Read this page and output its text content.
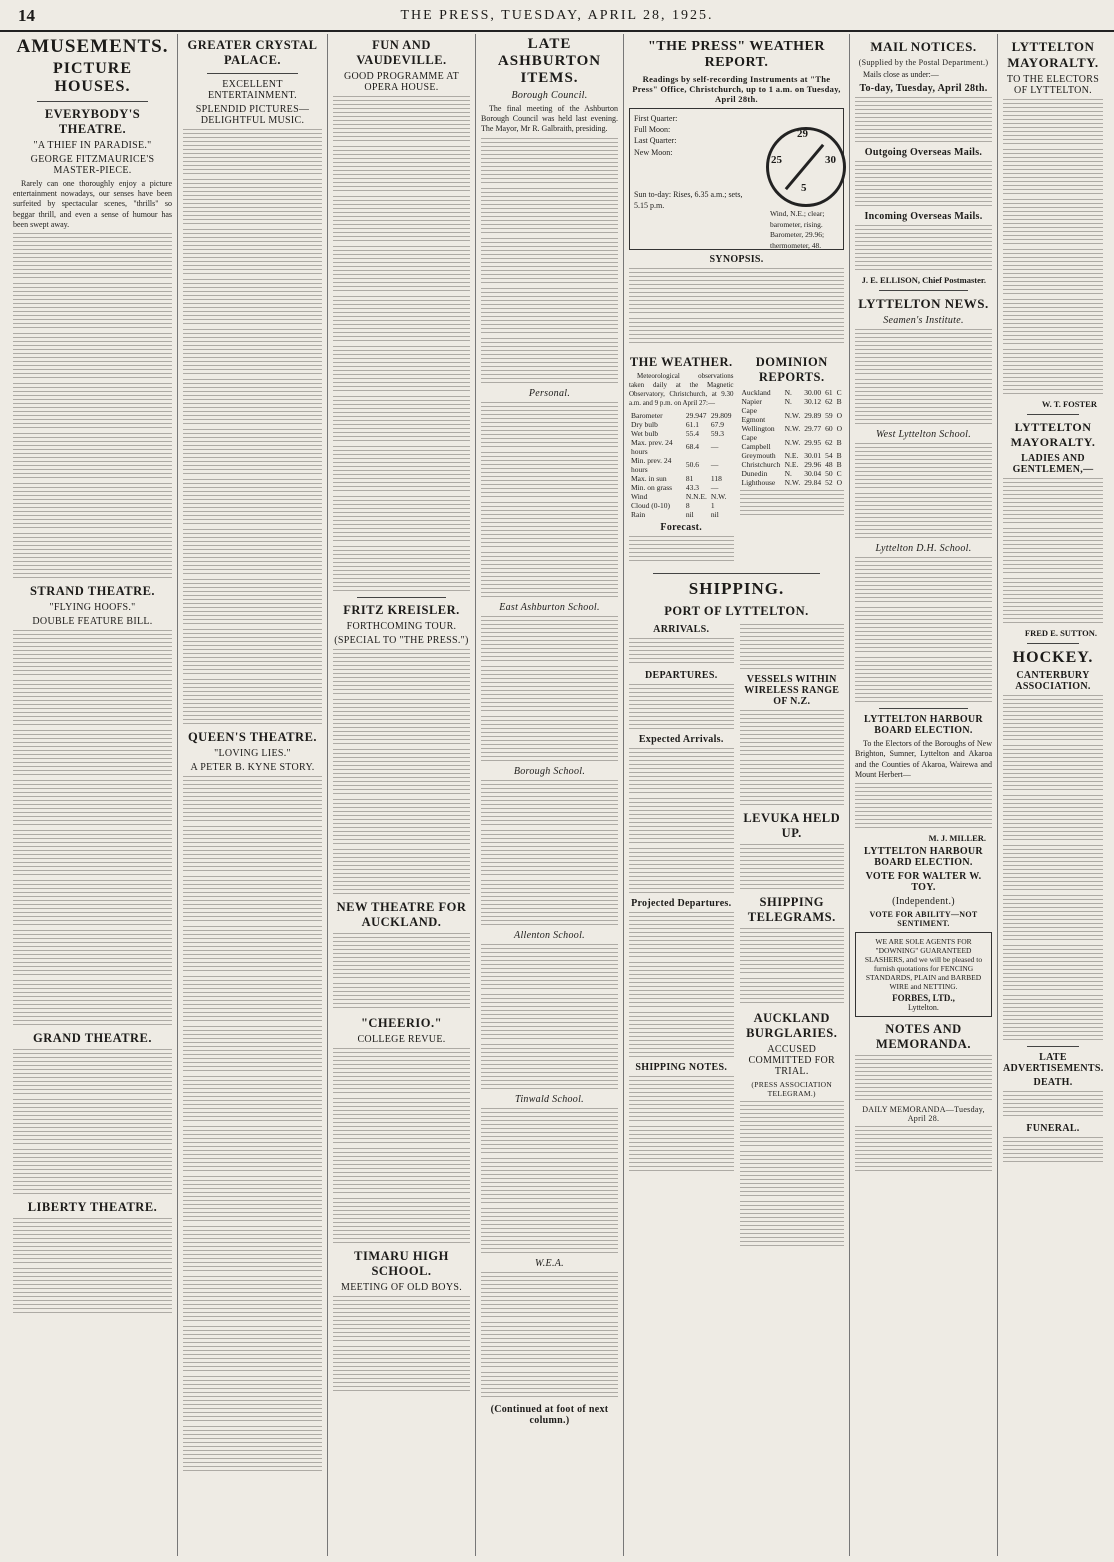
14	THE PRESS, TUESDAY, APRIL 28, 1925.
AMUSEMENTS.
PICTURE HOUSES.
EVERYBODY'S THEATRE.
"A THIEF IN PARADISE."
GEORGE FITZMAURICE'S MASTER-PIECE.

Rarely can one thoroughly enjoy a picture entertainment nowadays, our senses have been surfeited by spectacular scenes, "thrills" so beggar thrill, and even a sense of humour has been swept away.

STRAND THEATRE.
"FLYING HOOFS."
DOUBLE FEATURE BILL.
GRAND THEATRE.
LIBERTY THEATRE.
GREATER CRYSTAL PALACE.
EXCELLENT ENTERTAINMENT.
SPLENDID PICTURES—DELIGHTFUL MUSIC.
QUEEN'S THEATRE.
"LOVING LIES."
A PETER B. KYNE STORY.
FUN AND VAUDEVILLE.
GOOD PROGRAMME AT OPERA HOUSE.
FRITZ KREISLER.
FORTHCOMING TOUR.
(SPECIAL TO "THE PRESS.")
NEW THEATRE FOR AUCKLAND.
"CHEERIO."
COLLEGE REVUE.
TIMARU HIGH SCHOOL.
MEETING OF OLD BOYS.
LATE ASHBURTON ITEMS.
Borough Council.

The final meeting of the Ashburton Borough Council was held last evening. The Mayor, Mr R. Galbraith, presiding.

Personal.
East Ashburton School.
Borough School.
Allenton School.
Tinwald School.
W.E.A.
(Continued at foot of next column.)
"THE PRESS" WEATHER REPORT.
Readings by self-recording Instruments at "The Press" Office, Christchurch, up to 1 a.m. on Tuesday, April 28th.
First Quarter:
Full Moon:
Last Quarter:
New Moon:
29
30
5
25
Wind, N.E.; clear; barometer, rising. Barometer, 29.96; thermometer, 48.
Sun to-day: Rises, 6.35 a.m.; sets, 5.15 p.m.
SYNOPSIS.
THE WEATHER.

Meteorological observations taken daily at the Magnetic Observatory, Christchurch, at 9.30 a.m. and 9 p.m. on April 27:—

Barometer	29.947	29.809
Dry bulb	61.1	67.9
Wet bulb	55.4	59.3
Max. prev. 24 hours	68.4	—
Min. prev. 24 hours	50.6	—
Max. in sun	81	118
Min. on grass	43.3	—
Wind	N.N.E.	N.W.
Cloud (0-10)	8	1
Rain	nil	nil
Forecast.
DOMINION REPORTS.
Auckland	N.	30.00	61	C
Napier	N.	30.12	62	B
Cape Egmont	N.W.	29.89	59	O
Wellington	N.W.	29.77	60	O
Cape Campbell	N.W.	29.95	62	B
Greymouth	N.E.	30.01	54	B
Christchurch	N.E.	29.96	48	B
Dunedin	N.	30.04	50	C
Lighthouse	N.W.	29.84	52	O
SHIPPING.
PORT OF LYTTELTON.
ARRIVALS.
DEPARTURES.
Expected Arrivals.
Projected Departures.
SHIPPING NOTES.
VESSELS WITHIN WIRELESS RANGE OF N.Z.
LEVUKA HELD UP.
SHIPPING TELEGRAMS.
AUCKLAND BURGLARIES.
ACCUSED COMMITTED FOR TRIAL.
(PRESS ASSOCIATION TELEGRAM.)
MAIL NOTICES.
(Supplied by the Postal Department.)

Mails close as under:—

To-day, Tuesday, April 28th.
Outgoing Overseas Mails.
Incoming Overseas Mails.
J. E. ELLISON, Chief Postmaster.
LYTTELTON NEWS.
Seamen's Institute.
West Lyttelton School.
Lyttelton D.H. School.
LYTTELTON HARBOUR BOARD ELECTION.

To the Electors of the Boroughs of New Brighton, Sumner, Lyttelton and Akaroa and the Counties of Akaroa, Wairewa and Mount Herbert—

M. J. MILLER.
LYTTELTON HARBOUR BOARD ELECTION.
VOTE FOR WALTER W. TOY.
(Independent.)
VOTE FOR ABILITY—NOT SENTIMENT.
WE ARE SOLE AGENTS FOR "DOWNING" GUARANTEED SLASHERS, and we will be pleased to furnish quotations for FENCING STANDARDS, PLAIN and BARBED WIRE and NETTING.
FORBES, LTD.,
Lyttelton.
NOTES AND MEMORANDA.
DAILY MEMORANDA—Tuesday, April 28.
LYTTELTON MAYORALTY.
TO THE ELECTORS OF LYTTELTON.
W. T. FOSTER
LYTTELTON MAYORALTY.
LADIES AND GENTLEMEN,—
FRED E. SUTTON.
HOCKEY.
CANTERBURY ASSOCIATION.
LATE ADVERTISEMENTS.
DEATH.
FUNERAL.
